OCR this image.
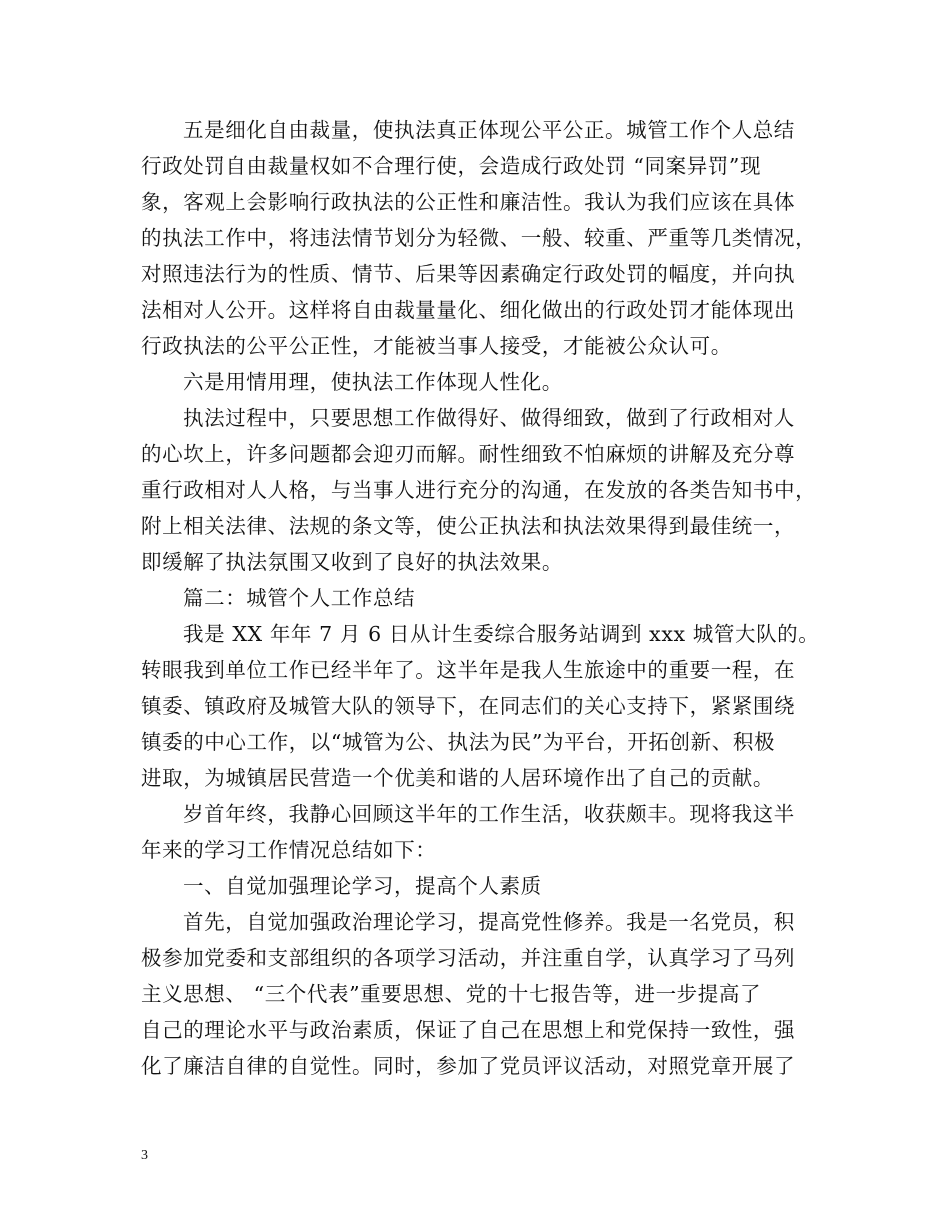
五是细化自由裁量，使执法真正体现公平公正。城管工作个人总结
行政处罚自由裁量权如不合理行使，会造成行政处罚 “同案异罚”现
象，客观上会影响行政执法的公正性和廉洁性。我认为我们应该在具体
的执法工作中，将违法情节划分为轻微、一般、较重、严重等几类情况，
对照违法行为的性质、情节、后果等因素确定行政处罚的幅度，并向执
法相对人公开。这样将自由裁量量化、细化做出的行政处罚才能体现出
行政执法的公平公正性，才能被当事人接受，才能被公众认可。
六是用情用理，使执法工作体现人性化。
执法过程中，只要思想工作做得好、做得细致，做到了行政相对人
的心坎上，许多问题都会迎刃而解。耐性细致不怕麻烦的讲解及充分尊
重行政相对人人格，与当事人进行充分的沟通，在发放的各类告知书中，
附上相关法律、法规的条文等，使公正执法和执法效果得到最佳统一，
即缓解了执法氛围又收到了良好的执法效果。
篇二：城管个人工作总结
我是 XX 年年 7 月 6 日从计生委综合服务站调到 xxx 城管大队的。
转眼我到单位工作已经半年了。这半年是我人生旅途中的重要一程，在
镇委、镇政府及城管大队的领导下，在同志们的关心支持下，紧紧围绕
镇委的中心工作，以“城管为公、执法为民”为平台，开拓创新、积极
进取，为城镇居民营造一个优美和谐的人居环境作出了自己的贡献。
岁首年终，我静心回顾这半年的工作生活，收获颇丰。现将我这半
年来的学习工作情况总结如下：
一、自觉加强理论学习，提高个人素质
首先，自觉加强政治理论学习，提高党性修养。我是一名党员，积
极参加党委和支部组织的各项学习活动，并注重自学，认真学习了马列
主义思想、 “三个代表”重要思想、党的十七报告等，进一步提高了
自己的理论水平与政治素质，保证了自己在思想上和党保持一致性，强
化了廉洁自律的自觉性。同时，参加了党员评议活动，对照党章开展了
3
